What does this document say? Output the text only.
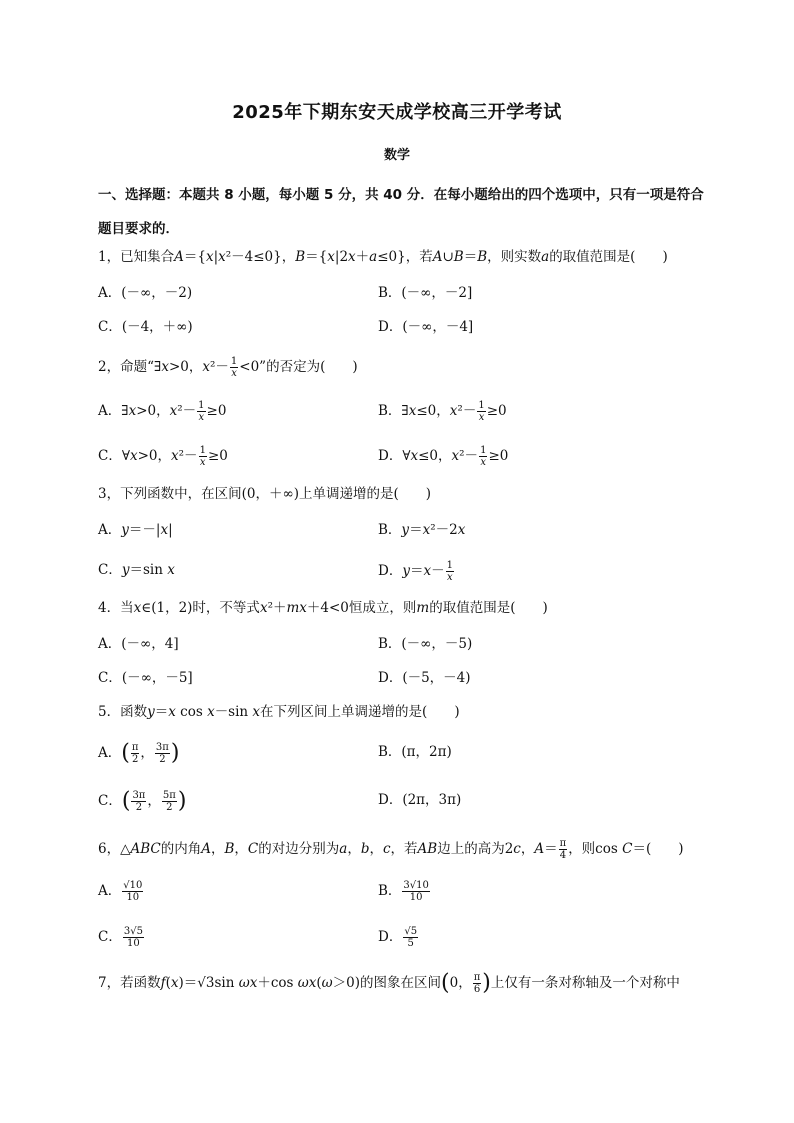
2025年下期东安天成学校高三开学考试
数学
一、选择题：本题共 8 小题，每小题 5 分，共 40 分．在每小题给出的四个选项中，只有一项是符合题目要求的．
1，已知集合A＝{x|x²－4≤0}，B＝{x|2x＋a≤0}，若A∪B＝B，则实数a的取值范围是(　　)
A．(－∞，－2)	B．(－∞，－2]
C．(－4，＋∞)	D．(－∞，－4]
2，命题“∃x>0，$x^2- \frac{1}{x} <0$”的否定为(　　)
A．∃x>0，$x^2- \frac{1}{x} \ge 0$	B．∃x≤0，$x^2- \frac{1}{x} \ge 0$
C．∀x>0，$x^2- \frac{1}{x} \ge 0$	D．∀x≤0，$x^2- \frac{1}{x} \ge 0$
3，下列函数中，在区间(0，＋∞)上单调递增的是(　　)
A．y＝－|x|	B．y＝x²－2x
C．y＝sin x	D．$y=x- \frac{1}{x}$
4．当x∈(1，2)时，不等式x²＋mx＋4<0恒成立，则m的取值范围是(　　)
A．(－∞，4]	B．(－∞，－5)
C．(－∞，－5]	D．(－5，－4)
5．函数y＝x cos x－sin x在下列区间上单调递增的是(　　)
A．( $\frac{\pi}{2}$ ， $\frac{3\pi}{2}$ )	B．(π，2π)
C．( $\frac{3\pi}{2}$ ， $\frac{5\pi}{2}$ )	D．(2π，3π)
6，△ABC的内角A，B，C的对边分别为a，b，c，若AB边上的高为2c，$A= \frac{\pi}{4}$ ，则cos C＝(　　)
A． $\frac{√10}{10}$	B． $\frac{3√10}{10}$
C． $\frac{3√5}{10}$	D． $\frac{√5}{5}$
7，若函数f(x)＝√3sin ωx＋cos ωx(ω＞0)的图象在区间(0， $\frac{\pi}{6}$ )上仅有一条对称轴及一个对称中
